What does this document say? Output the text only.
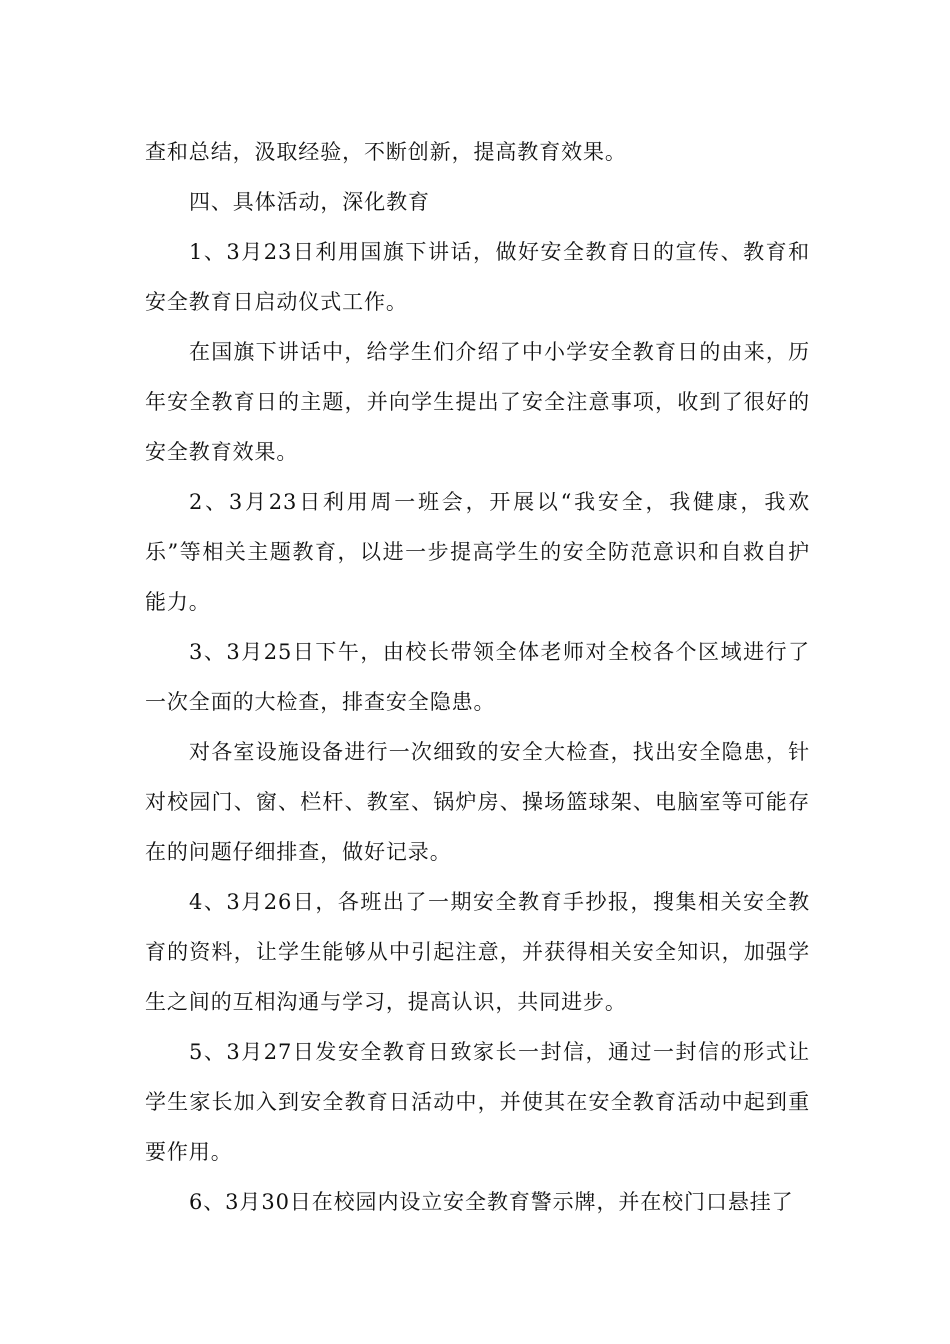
查和总结，汲取经验，不断创新，提高教育效果。

四、具体活动，深化教育

1、3月23日利用国旗下讲话，做好安全教育日的宣传、教育和安全教育日启动仪式工作。

在国旗下讲话中，给学生们介绍了中小学安全教育日的由来，历年安全教育日的主题，并向学生提出了安全注意事项，收到了很好的安全教育效果。

2、3月23日利用周一班会，开展以“我安全，我健康，我欢乐”等相关主题教育，以进一步提高学生的安全防范意识和自救自护能力。

3、3月25日下午，由校长带领全体老师对全校各个区域进行了一次全面的大检查，排查安全隐患。

对各室设施设备进行一次细致的安全大检查，找出安全隐患，针对校园门、窗、栏杆、教室、锅炉房、操场篮球架、电脑室等可能存在的问题仔细排查，做好记录。

4、3月26日，各班出了一期安全教育手抄报，搜集相关安全教育的资料，让学生能够从中引起注意，并获得相关安全知识，加强学生之间的互相沟通与学习，提高认识，共同进步。

5、3月27日发安全教育日致家长一封信，通过一封信的形式让学生家长加入到安全教育日活动中，并使其在安全教育活动中起到重要作用。

6、3月30日在校园内设立安全教育警示牌，并在校门口悬挂了
